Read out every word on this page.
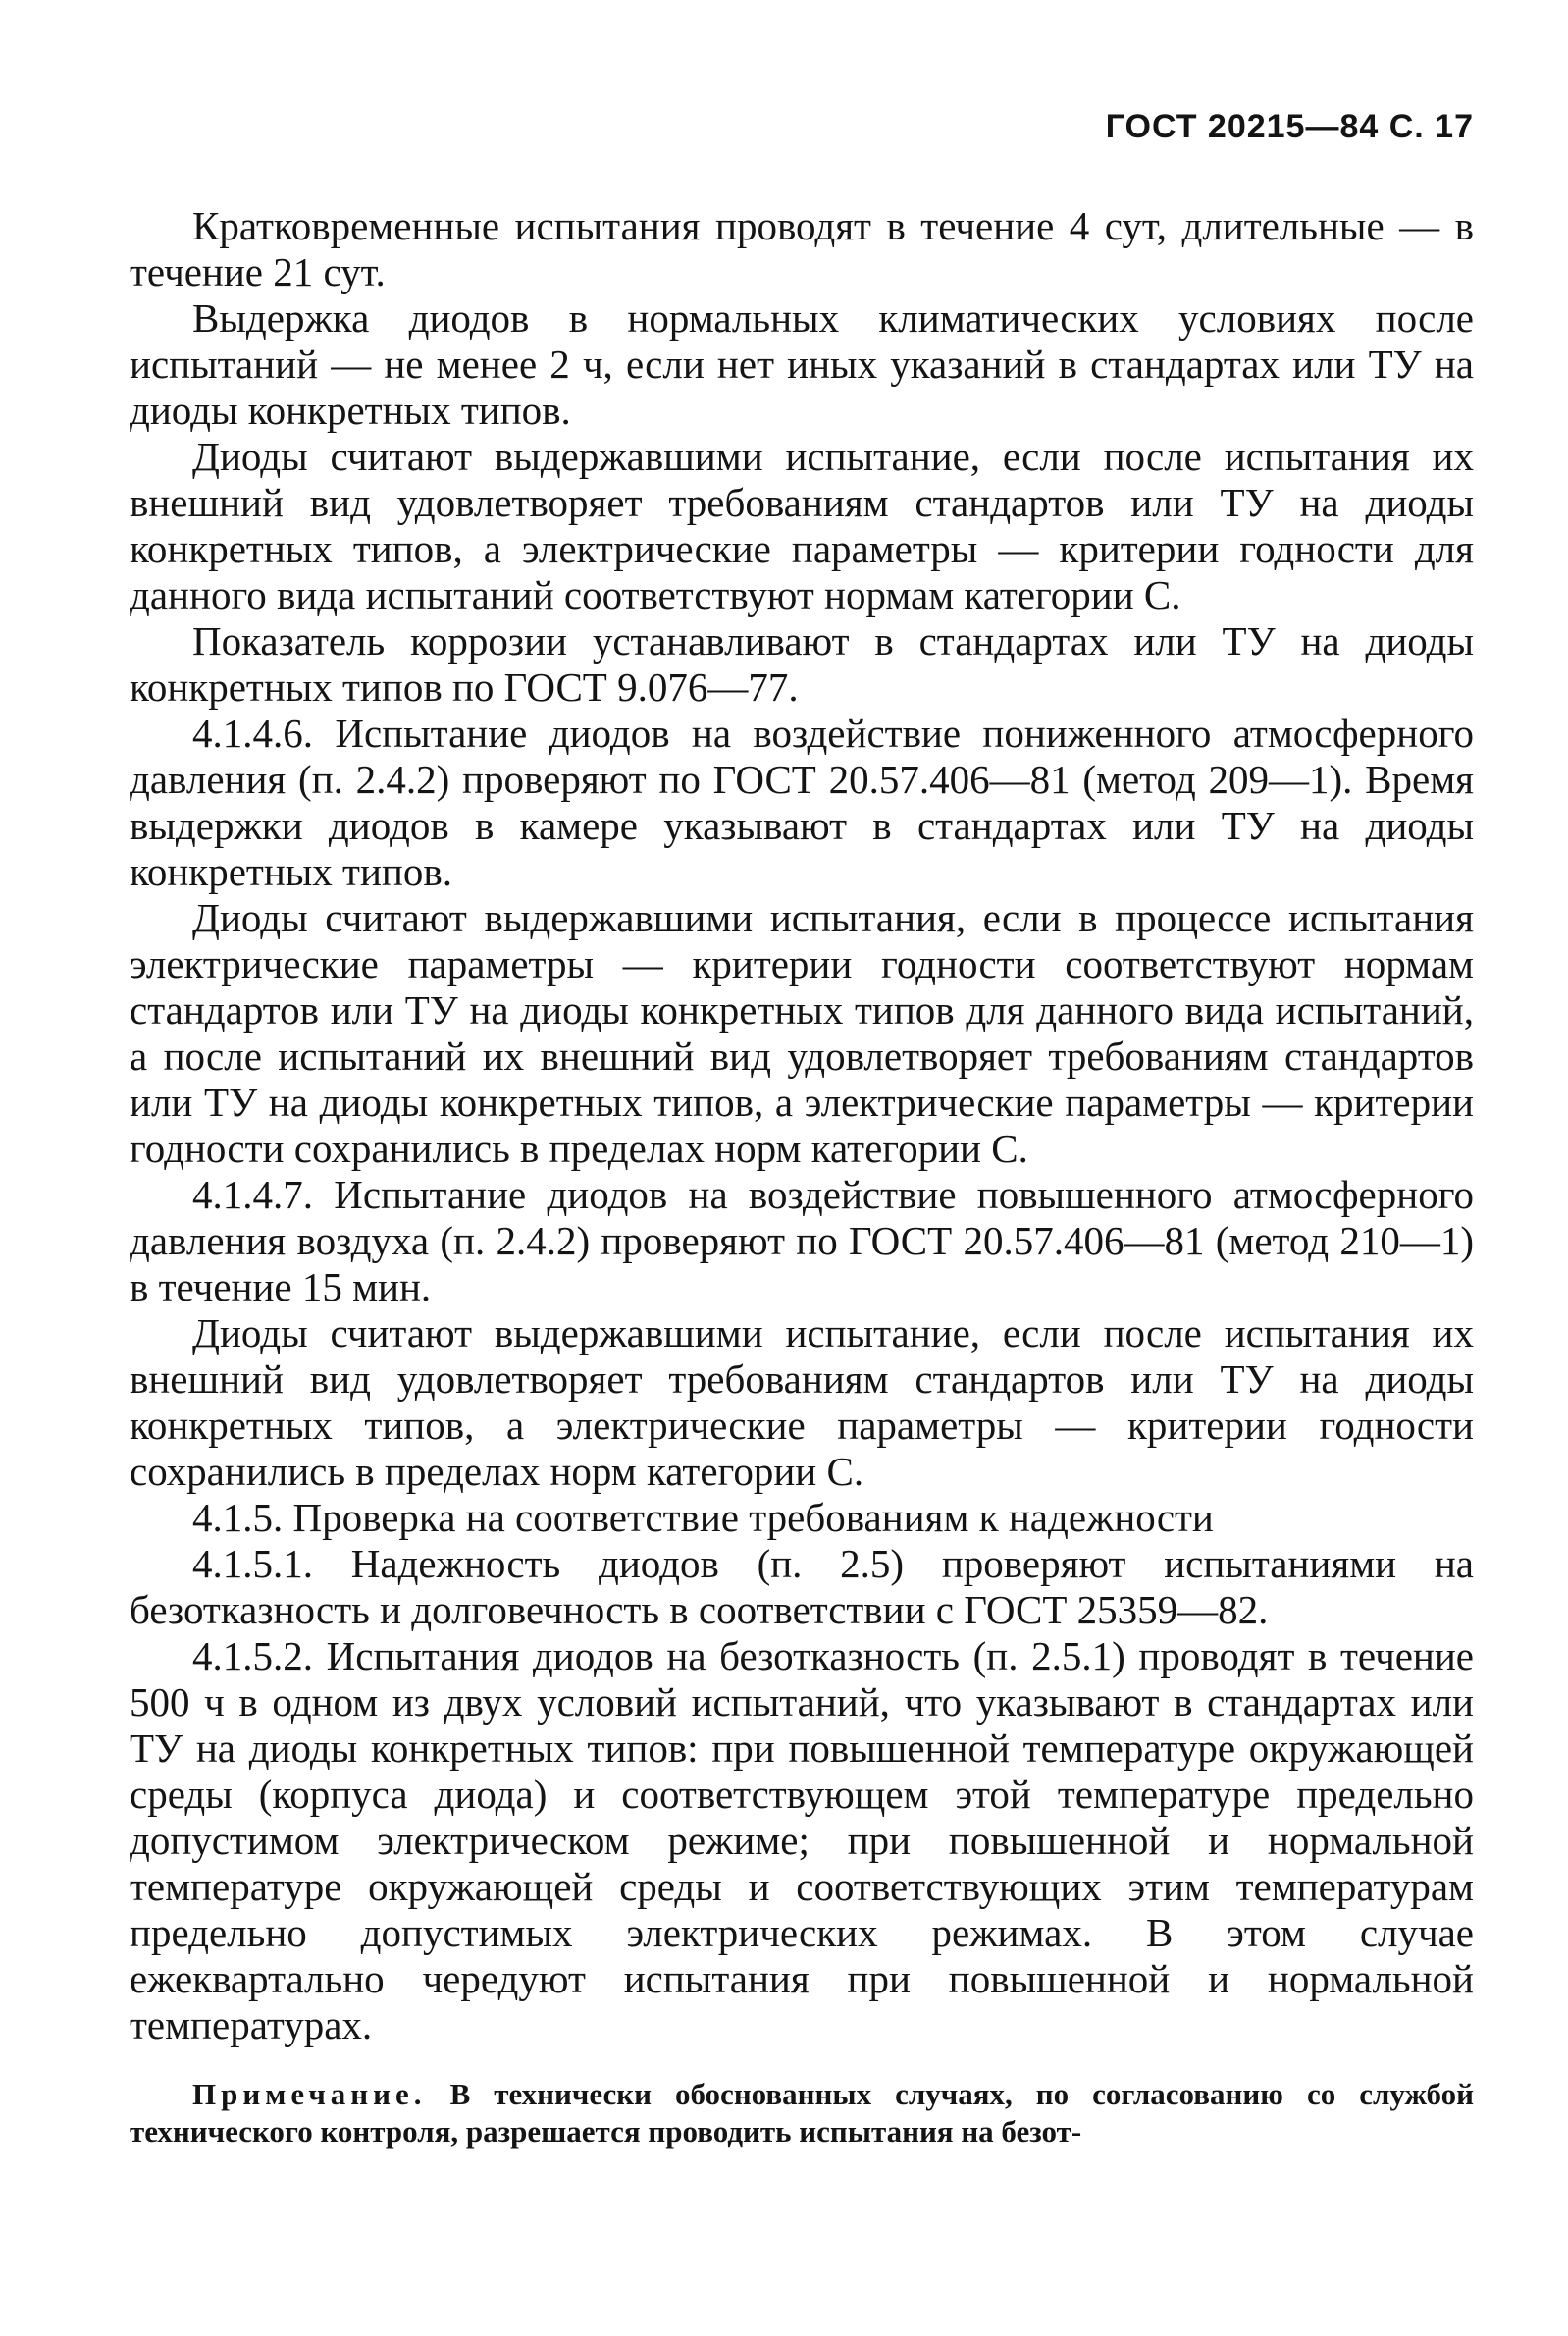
ГОСТ 20215—84 С. 17

Кратковременные испытания проводят в течение 4 сут, длительные — в течение 21 сут.

Выдержка диодов в нормальных климатических условиях после испытаний — не менее 2 ч, если нет иных указаний в стандартах или ТУ на диоды конкретных типов.

Диоды считают выдержавшими испытание, если после испытания их внешний вид удовлетворяет требованиям стандартов или ТУ на диоды конкретных типов, а электрические параметры — критерии годности для данного вида испытаний соответствуют нормам категории С.

Показатель коррозии устанавливают в стандартах или ТУ на диоды конкретных типов по ГОСТ 9.076—77.

4.1.4.6. Испытание диодов на воздействие пониженного атмосферного давления (п. 2.4.2) проверяют по ГОСТ 20.57.406—81 (метод 209—1). Время выдержки диодов в камере указывают в стандартах или ТУ на диоды конкретных типов.

Диоды считают выдержавшими испытания, если в процессе испытания электрические параметры — критерии годности соответствуют нормам стандартов или ТУ на диоды конкретных типов для данного вида испытаний, а после испытаний их внешний вид удовлетворяет требованиям стандартов или ТУ на диоды конкретных типов, а электрические параметры — критерии годности сохранились в пределах норм категории С.

4.1.4.7. Испытание диодов на воздействие повышенного атмосферного давления воздуха (п. 2.4.2) проверяют по ГОСТ 20.57.406—81 (метод 210—1) в течение 15 мин.

Диоды считают выдержавшими испытание, если после испытания их внешний вид удовлетворяет требованиям стандартов или ТУ на диоды конкретных типов, а электрические параметры — критерии годности сохранились в пределах норм категории С.

4.1.5. Проверка на соответствие требованиям к надежности

4.1.5.1. Надежность диодов (п. 2.5) проверяют испытаниями на безотказность и долговечность в соответствии с ГОСТ 25359—82.

4.1.5.2. Испытания диодов на безотказность (п. 2.5.1) проводят в течение 500 ч в одном из двух условий испытаний, что указывают в стандартах или ТУ на диоды конкретных типов: при повышенной температуре окружающей среды (корпуса диода) и соответствующем этой температуре предельно допустимом электрическом режиме; при повышенной и нормальной температуре окружающей среды и соответствующих этим температурам предельно допустимых электрических режимах. В этом случае ежеквартально чередуют испытания при повышенной и нормальной температурах.

Примечание. В технически обоснованных случаях, по согласованию со службой технического контроля, разрешается проводить испытания на безот-
